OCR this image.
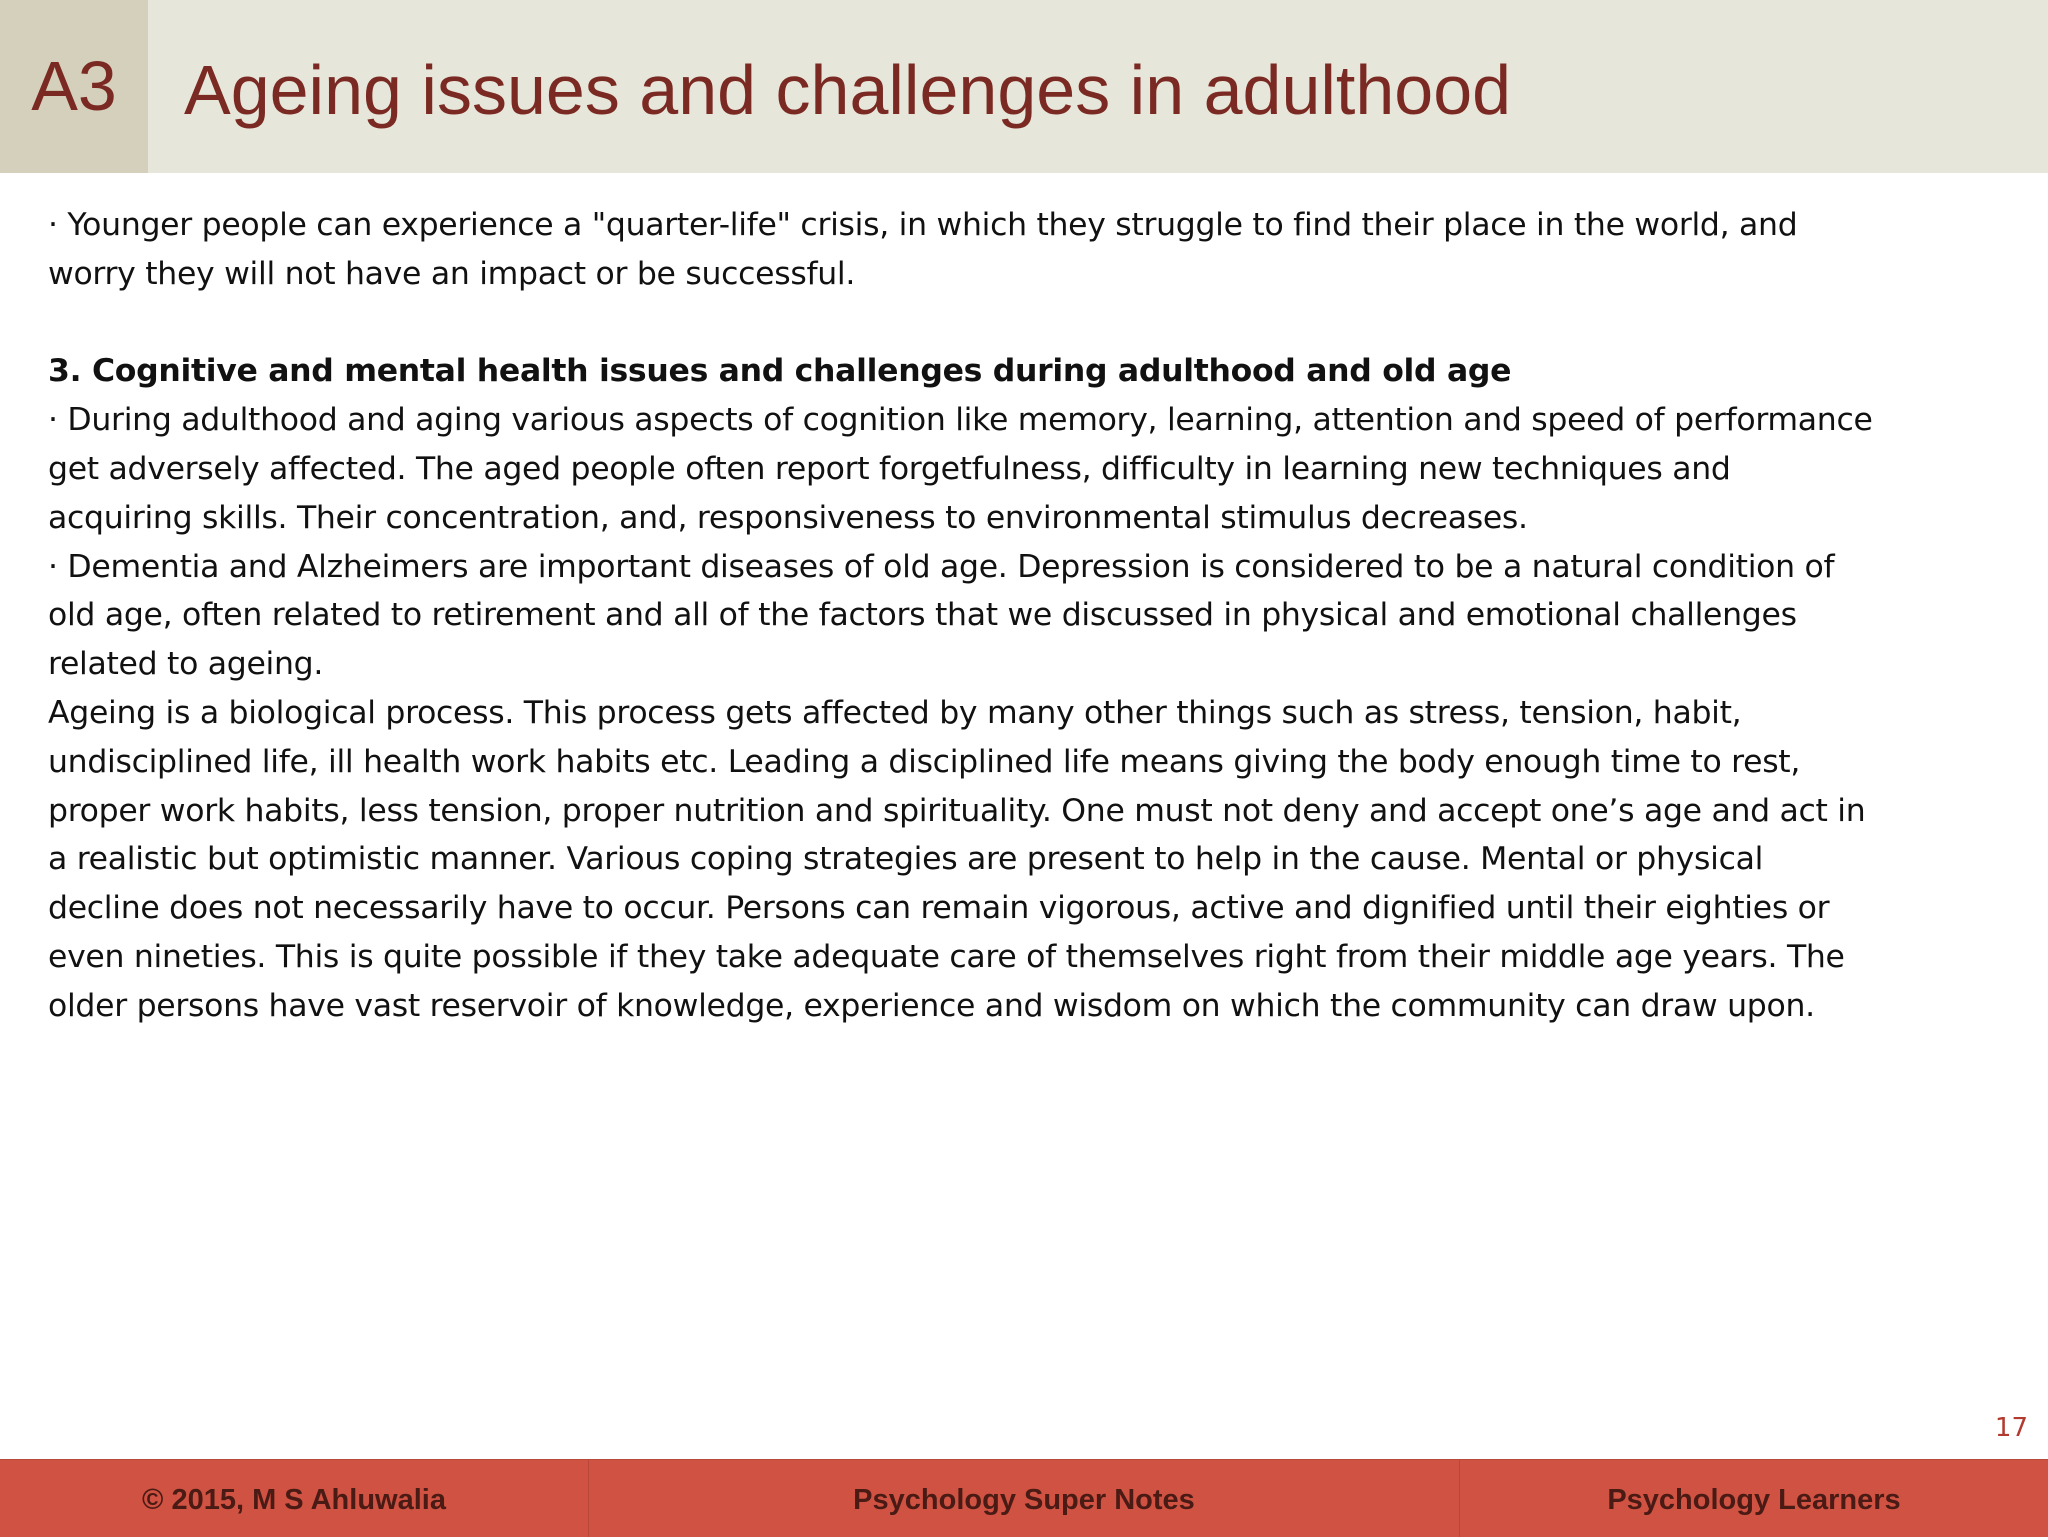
A3 Ageing issues and challenges in adulthood
· Younger people can experience a "quarter-life" crisis, in which they struggle to find their place in the world, and
worry they will not have an impact or be successful.
3. Cognitive and mental health issues and challenges during adulthood and old age
· During adulthood and aging various aspects of cognition like memory, learning, attention and speed of performance
get adversely affected. The aged people often report forgetfulness, difficulty in learning new techniques and
acquiring skills. Their concentration, and, responsiveness to environmental stimulus decreases.
· Dementia and Alzheimers are important diseases of old age. Depression is considered to be a natural condition of
old age, often related to retirement and all of the factors that we discussed in physical and emotional challenges
related to ageing.
Ageing is a biological process. This process gets affected by many other things such as stress, tension, habit,
undisciplined life, ill health work habits etc. Leading a disciplined life means giving the body enough time to rest,
proper work habits, less tension, proper nutrition and spirituality. One must not deny and accept one’s age and act in
a realistic but optimistic manner. Various coping strategies are present to help in the cause. Mental or physical
decline does not necessarily have to occur. Persons can remain vigorous, active and dignified until their eighties or
even nineties. This is quite possible if they take adequate care of themselves right from their middle age years. The
older persons have vast reservoir of knowledge, experience and wisdom on which the community can draw upon.
17
© 2015, M S Ahluwalia	Psychology Super Notes	Psychology Learners
